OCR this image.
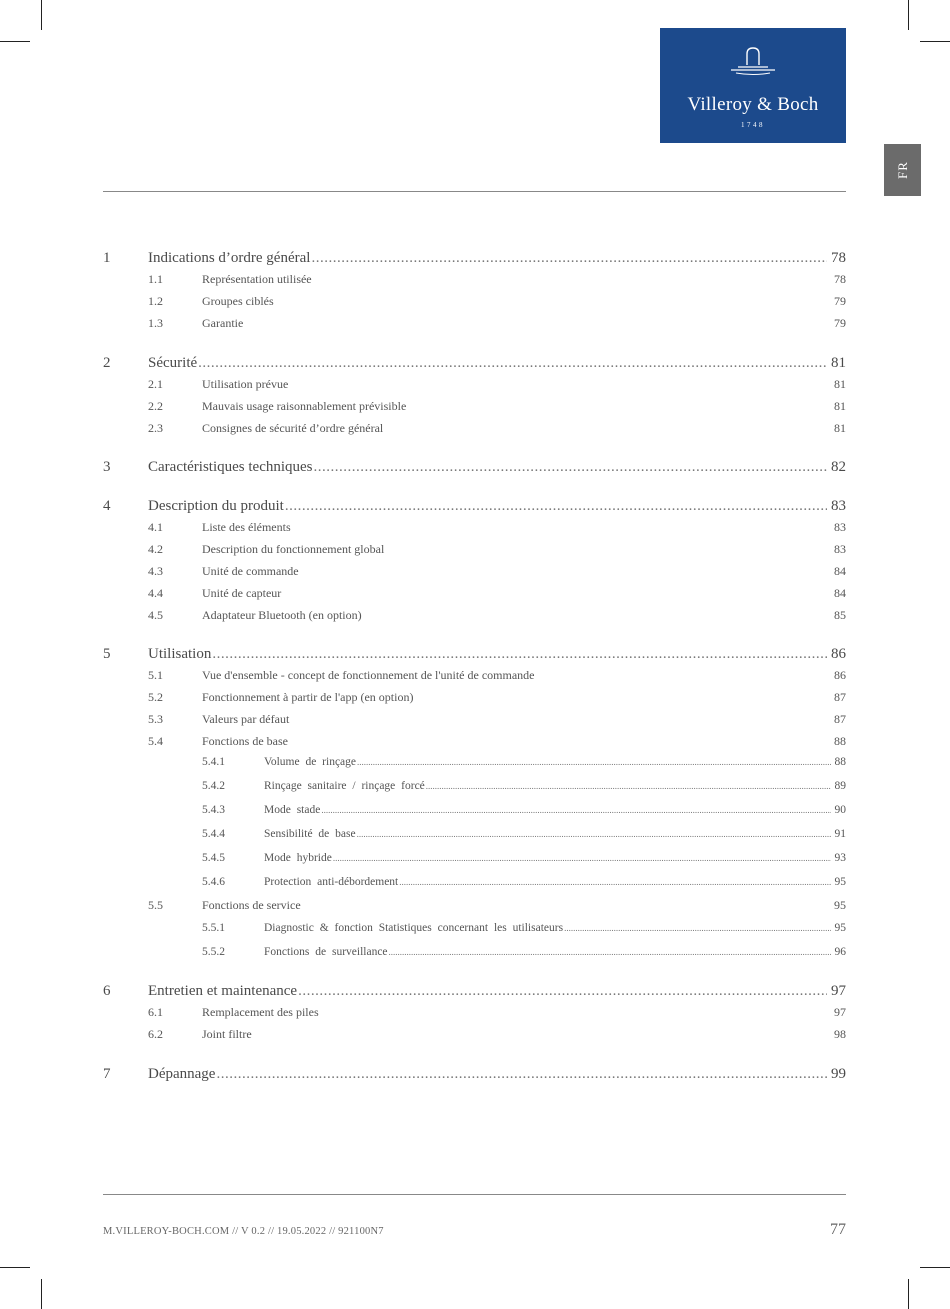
Villeroy & Boch
1748
FR
1	Indications d’ordre général .....	78
1.1	Représentation utilisée	78
1.2	Groupes ciblés	79
1.3	Garantie	79
2	Sécurité .....	81
2.1	Utilisation prévue	81
2.2	Mauvais usage raisonnablement prévisible	81
2.3	Consignes de sécurité d’ordre général	81
3	Caractéristiques techniques .....	82
4	Description du produit .....	83
4.1	Liste des éléments	83
4.2	Description du fonctionnement global	83
4.3	Unité de commande	84
4.4	Unité de capteur	84
4.5	Adaptateur Bluetooth (en option)	85
5	Utilisation .....	86
5.1	Vue d'ensemble - concept de fonctionnement de l'unité de commande	86
5.2	Fonctionnement à partir de l'app (en option)	87
5.3	Valeurs par défaut	87
5.4	Fonctions de base	88
5.4.1	Volume de rinçage .....	88
5.4.2	Rinçage sanitaire / rinçage forcé .....	89
5.4.3	Mode stade .....	90
5.4.4	Sensibilité de base .....	91
5.4.5	Mode hybride .....	93
5.4.6	Protection anti-débordement .....	95
5.5	Fonctions de service	95
5.5.1	Diagnostic & fonction Statistiques concernant les utilisateurs .....	95
5.5.2	Fonctions de surveillance .....	96
6	Entretien et maintenance .....	97
6.1	Remplacement des piles	97
6.2	Joint filtre	98
7	Dépannage .....	99
M.VILLEROY-BOCH.COM // V 0.2 // 19.05.2022 // 921100N7	77
